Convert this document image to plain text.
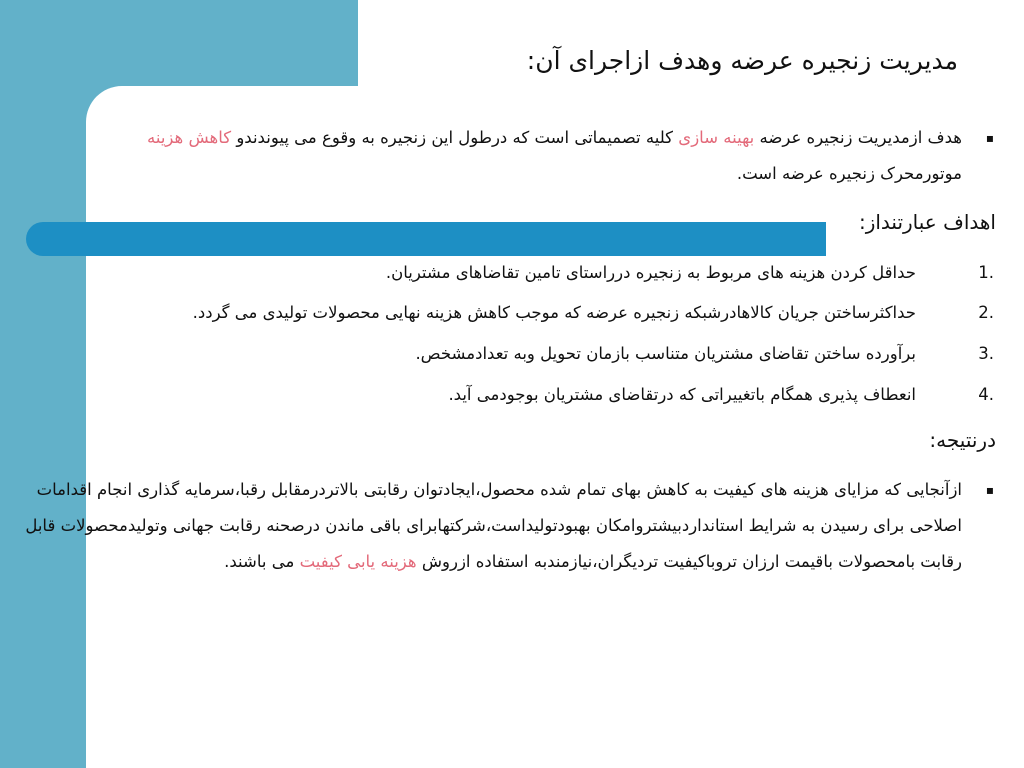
مدیریت زنجیره عرضه وهدف ازاجرای آن:
▪

هدف ازمدیریت زنجیره عرضه بهینه سازی کلیه تصمیماتی است که درطول این زنجیره به وقوع می پیوندندو کاهش هزینه موتورمحرک زنجیره عرضه است.

اهداف عبارتنداز:
1.
حداقل کردن هزینه های مربوط به زنجیره درراستای تامین تقاضاهای مشتریان.
2.
حداکثرساختن جریان کالاهادرشبکه زنجیره عرضه که موجب کاهش هزینه نهایی محصولات تولیدی می گردد.
3.
برآورده ساختن تقاضای مشتریان متناسب بازمان تحویل وبه تعدادمشخص.
4.
انعطاف پذیری همگام باتغییراتی که درتقاضای مشتریان بوجودمی آید.
درنتیجه:
▪

ازآنجایی که مزایای هزینه های کیفیت به کاهش بهای تمام شده محصول،ایجادتوان رقابتی بالاتردرمقابل رقبا،سرمایه گذاری انجام اقدامات اصلاحی برای رسیدن به شرایط استانداردبیشتروامکان بهبودتولیداست،شرکتهابرای باقی ماندن درصحنه رقابت جهانی وتولیدمحصولات قابل رقابت بامحصولات باقیمت ارزان تروباکیفیت تردیگران،نیازمندبه استفاده ازروش هزینه یابی کیفیت می باشند.
